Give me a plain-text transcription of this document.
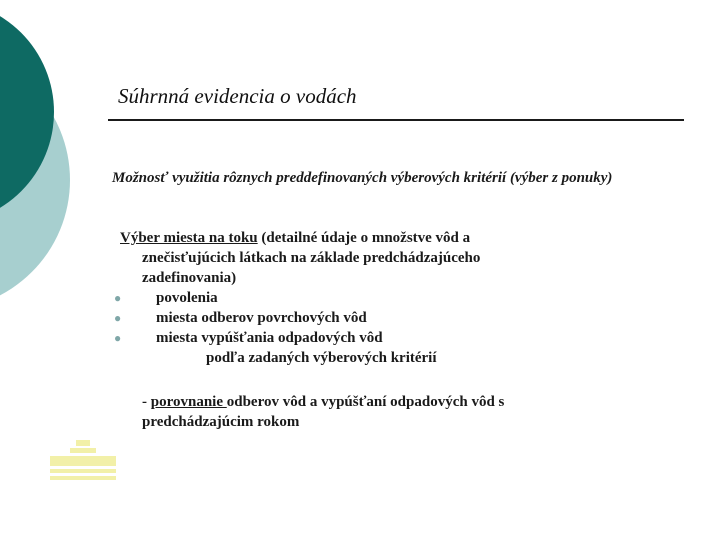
Súhrnná evidencia o vodách
Možnosť využitia rôznych preddefinovaných výberových kritérií (výber z ponuky)
Výber miesta na toku (detailné údaje o množstve vôd a
znečisťujúcich látkach na základe predchádzajúceho
zadefinovania)
● povolenia
● miesta odberov povrchových vôd
● miesta vypúšťania odpadových vôd
podľa zadaných výberových kritérií
- porovnanie odberov vôd a vypúšťaní odpadových vôd s
predchádzajúcim rokom
